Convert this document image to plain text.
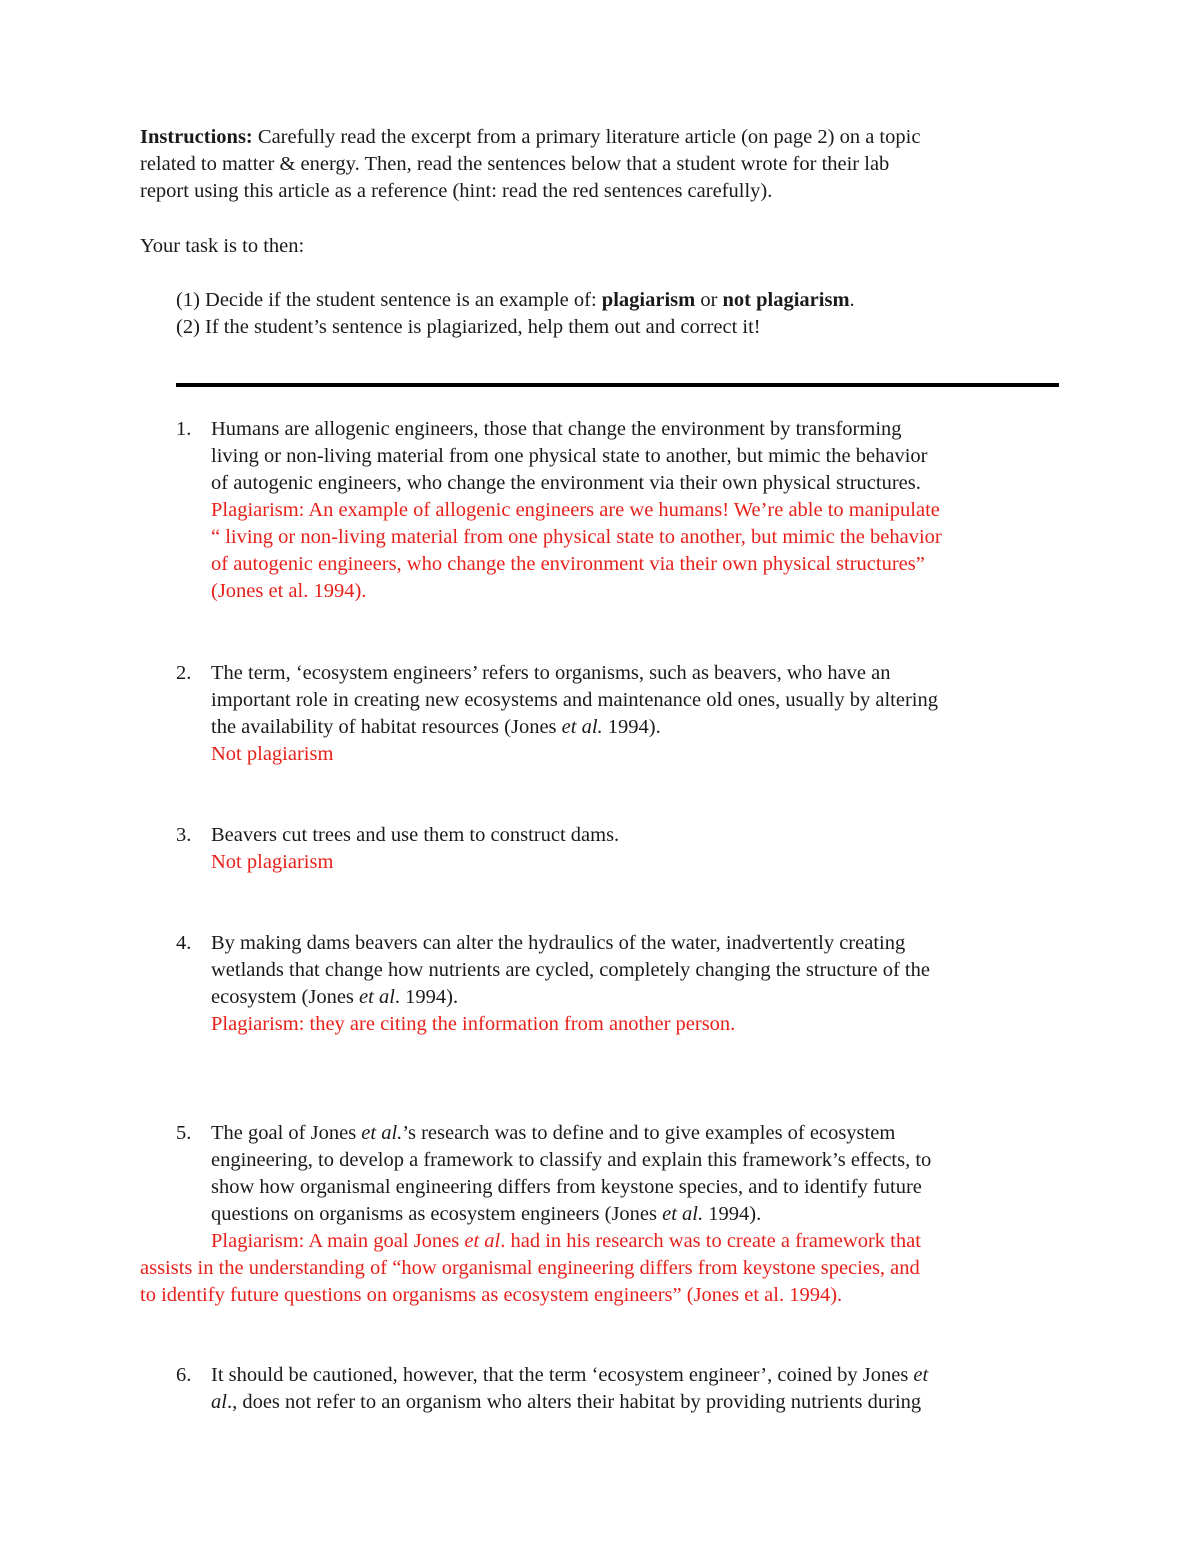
Instructions: Carefully read the excerpt from a primary literature article (on page 2) on a topic
related to matter & energy. Then, read the sentences below that a student wrote for their lab
report using this article as a reference (hint: read the red sentences carefully).
Your task is to then:
(1) Decide if the student sentence is an example of: plagiarism or not plagiarism.
(2) If the student’s sentence is plagiarized, help them out and correct it!
1. Humans are allogenic engineers, those that change the environment by transforming
living or non-living material from one physical state to another, but mimic the behavior
of autogenic engineers, who change the environment via their own physical structures.
Plagiarism: An example of allogenic engineers are we humans! We’re able to manipulate
“ living or non-living material from one physical state to another, but mimic the behavior
of autogenic engineers, who change the environment via their own physical structures”
(Jones et al. 1994).
2. The term, ‘ecosystem engineers’ refers to organisms, such as beavers, who have an
important role in creating new ecosystems and maintenance old ones, usually by altering
the availability of habitat resources (Jones et al. 1994).
Not plagiarism
3. Beavers cut trees and use them to construct dams.
Not plagiarism
4. By making dams beavers can alter the hydraulics of the water, inadvertently creating
wetlands that change how nutrients are cycled, completely changing the structure of the
ecosystem (Jones et al. 1994).
Plagiarism: they are citing the information from another person.
5. The goal of Jones et al.’s research was to define and to give examples of ecosystem
engineering, to develop a framework to classify and explain this framework’s effects, to
show how organismal engineering differs from keystone species, and to identify future
questions on organisms as ecosystem engineers (Jones et al. 1994).
Plagiarism: A main goal Jones et al. had in his research was to create a framework that
assists in the understanding of “how organismal engineering differs from keystone species, and
to identify future questions on organisms as ecosystem engineers” (Jones et al. 1994).
6. It should be cautioned, however, that the term ‘ecosystem engineer’, coined by Jones et
al., does not refer to an organism who alters their habitat by providing nutrients during
